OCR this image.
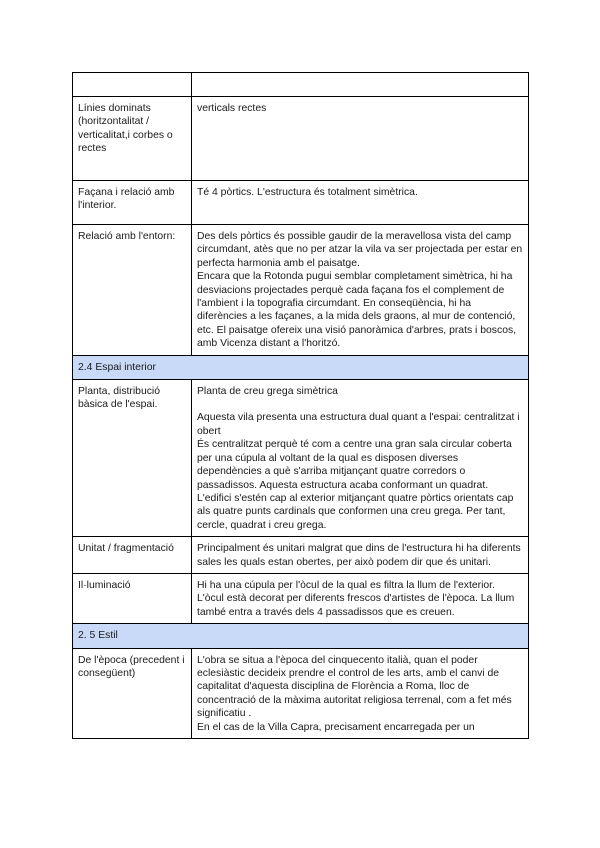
Línies dominats (horitzontalitat / verticalitat,i corbes o rectes	verticals rectes
Façana i relació amb l'interior.	Té 4 pòrtics. L'estructura és totalment simètrica.
Relació amb l'entorn:	Des dels pòrtics és possible gaudir de la meravellosa vista del camp circumdant, atès que no per atzar la vila va ser projectada per estar en perfecta harmonia amb el paisatge.
Encara que la Rotonda pugui semblar completament simètrica, hi ha desviacions projectades perquè cada façana fos el complement de l'ambient i la topografia circumdant. En conseqüència, hi ha diferències a les façanes, a la mida dels graons, al mur de contenció, etc. El paisatge ofereix una visió panoràmica d'arbres, prats i boscos, amb Vicenza distant a l'horitzó.

2.4 Espai interior	
Planta, distribució bàsica de l'espai.	Planta de creu grega simètrica
Aquesta vila presenta una estructura dual quant a l'espai: centralitzat i obert
És centralitzat perquè té com a centre una gran sala circular coberta per una cúpula al voltant de la qual es disposen diverses dependències a què s'arriba mitjançant quatre corredors o passadissos. Aquesta estructura acaba conformant un quadrat. L'edifici s'estén cap al exterior mitjançant quatre pòrtics orientats cap als quatre punts cardinals que conformen una creu grega. Per tant, cercle, quadrat i creu grega.

Unitat / fragmentació	Principalment és unitari malgrat que dins de l'estructura hi ha diferents sales les quals estan obertes, per això podem dir que és unitari.
Il·luminació	Hi ha una cúpula per l'òcul de la qual es filtra la llum de l'exterior. L'òcul està decorat per diferents frescos d'artistes de l'època. La llum també entra a través dels 4 passadissos que es creuen.
2. 5 Estil	
De l'època (precedent i consegüent)	L'obra se situa a l'època del cinquecento italià, quan el poder eclesiàstic decideix prendre el control de les arts, amb el canvi de capitalitat d'aquesta disciplina de Florència a Roma, lloc de concentració de la màxima autoritat religiosa terrenal, com a fet més significatiu .
En el cas de la Villa Capra, precisament encarregada per un
